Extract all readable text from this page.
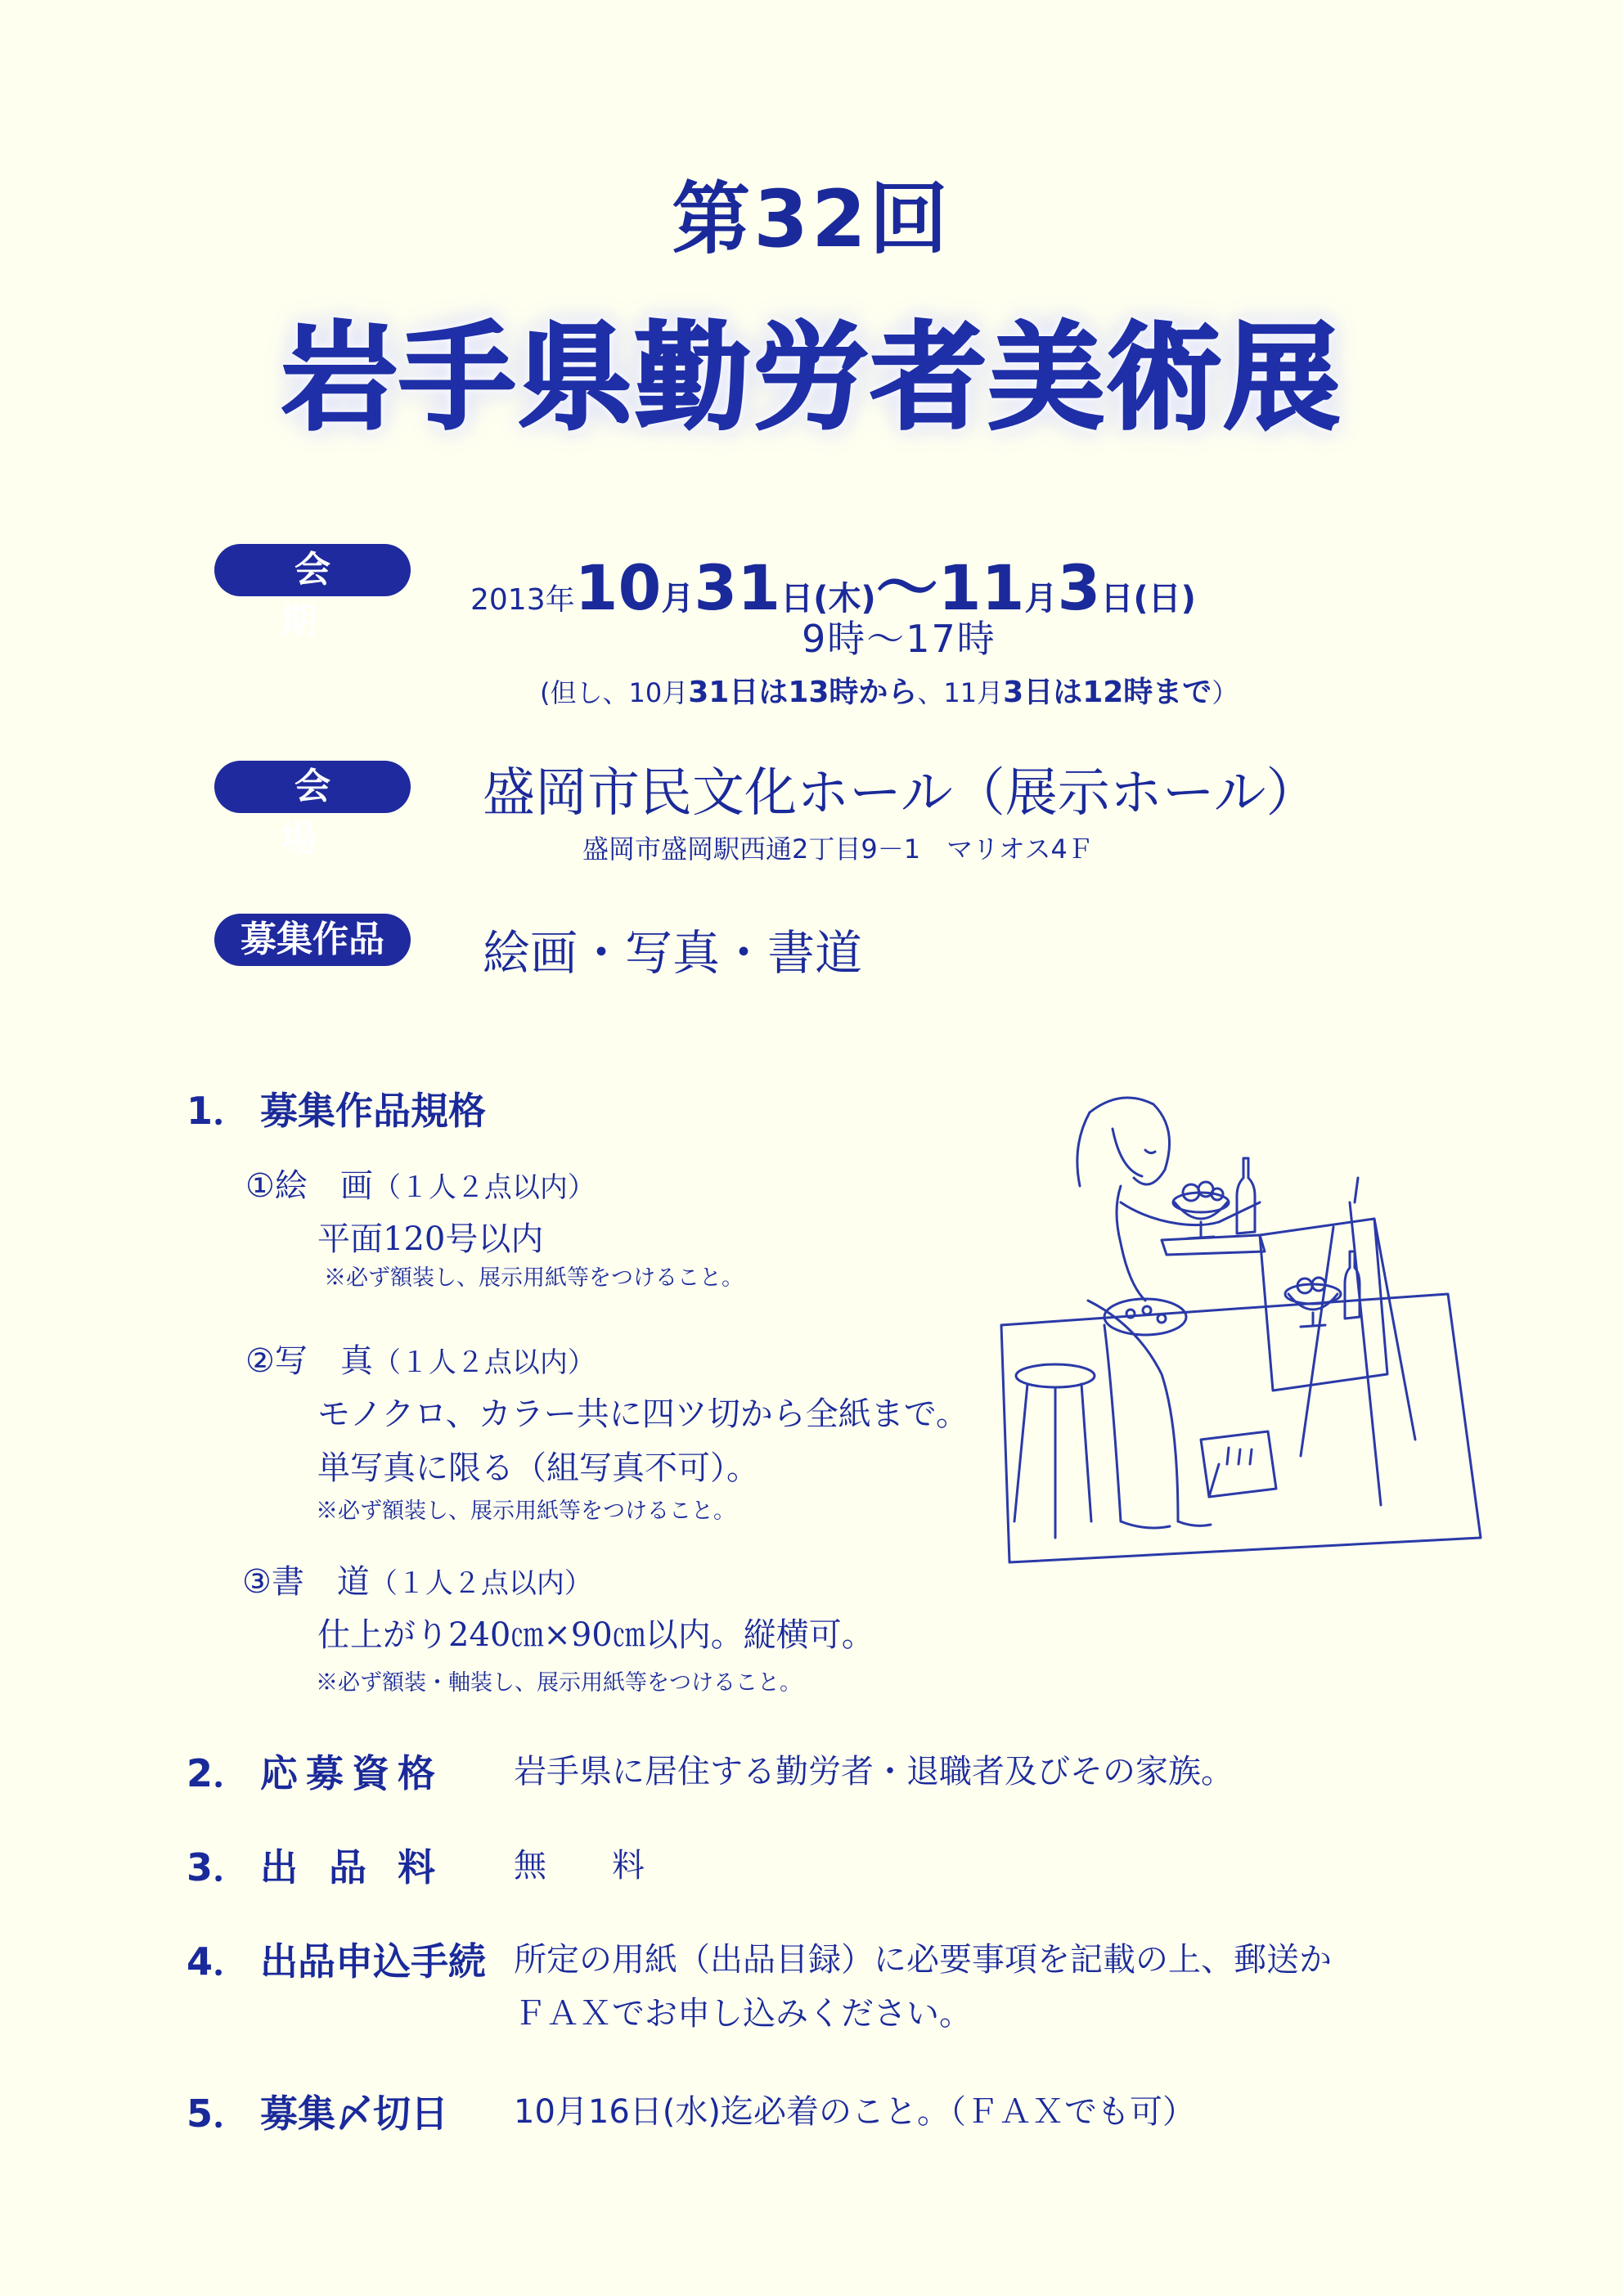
第32回
岩手県勤労者美術展
会　期
2013年10月31日(木)～11月3日(日)
9時～17時
(但し、10月31日は13時から、11月3日は12時まで）
会　場
盛岡市民文化ホール（展示ホール）
盛岡市盛岡駅西通2丁目9－1　マリオス4Ｆ
募集作品	絵画・写真・書道
1． 募集作品規格
①絵　画（１人２点以内）
平面120号以内
※必ず額装し、展示用紙等をつけること。
②写　真（１人２点以内）
モノクロ、カラー共に四ツ切から全紙まで。
単写真に限る（組写真不可）。
※必ず額装し、展示用紙等をつけること。
③書　道（１人２点以内）
仕上がり240㎝×90㎝以内。縦横可。
※必ず額装・軸装し、展示用紙等をつけること。
2． 応募資格 岩手県に居住する勤労者・退職者及びその家族。
3． 出品料 無　　料
4． 出品申込手続 所定の用紙（出品目録）に必要事項を記載の上、郵送か
ＦＡＸでお申し込みください。
5． 募集〆切日 10月16日(水)迄必着のこと。（ＦＡＸでも可）
